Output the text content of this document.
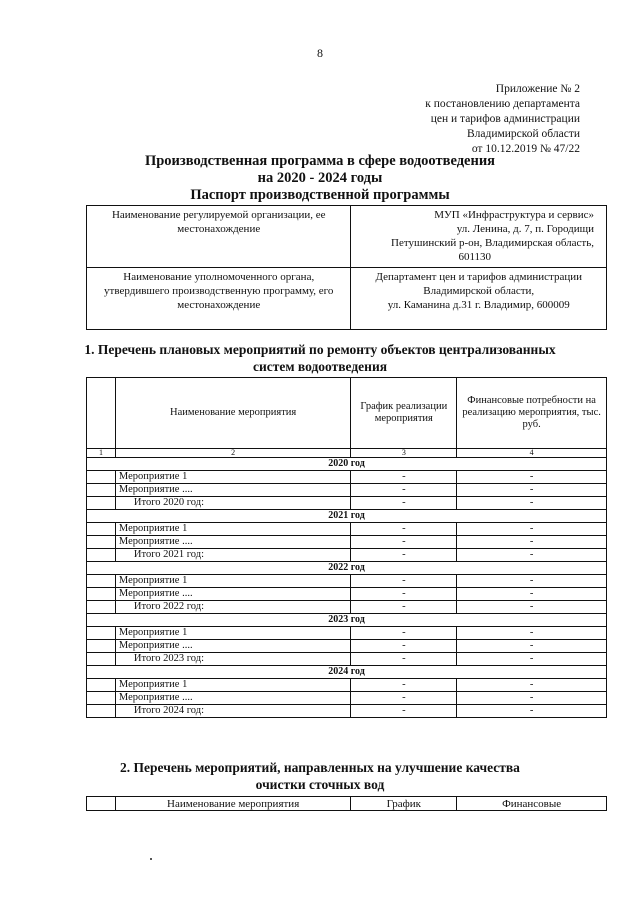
8
Приложение № 2
к постановлению департамента
цен и тарифов администрации
Владимирской области
от 10.12.2019 № 47/22
Производственная программа в сфере водоотведения
на 2020 - 2024 годы
Паспорт производственной программы
Наименование регулируемой организации, ее местонахождение	МУП «Инфраструктура и сервис»
ул. Ленина, д. 7, п. Городищи
Петушинский р-он, Владимирская область,
601130

Наименование уполномоченного органа, утвердившего производственную программу, его местонахождение	Департамент цен и тарифов администрации
Владимирской области,
ул. Каманина д.31 г. Владимир, 600009
1. Перечень плановых мероприятий по ремонту объектов централизованных
систем водоотведения
	Наименование мероприятия	График реализации мероприятия	Финансовые потребности на реализацию мероприятия, тыс. руб.
1	2	3	4
2020 год			
	Мероприятие 1	-	-
	Мероприятие ....	-	-
	Итого 2020 год:	-	-
2021 год			
	Мероприятие 1	-	-
	Мероприятие ....	-	-
	Итого 2021 год:	-	-
2022 год			
	Мероприятие 1	-	-
	Мероприятие ....	-	-
	Итого 2022 год:	-	-
2023 год			
	Мероприятие 1	-	-
	Мероприятие ....	-	-
	Итого 2023 год:	-	-
2024 год			
	Мероприятие 1	-	-
	Мероприятие ....	-	-
	Итого 2024 год:	-	-
2. Перечень мероприятий, направленных на улучшение качества
очистки сточных вод
	Наименование мероприятия	График	Финансовые
